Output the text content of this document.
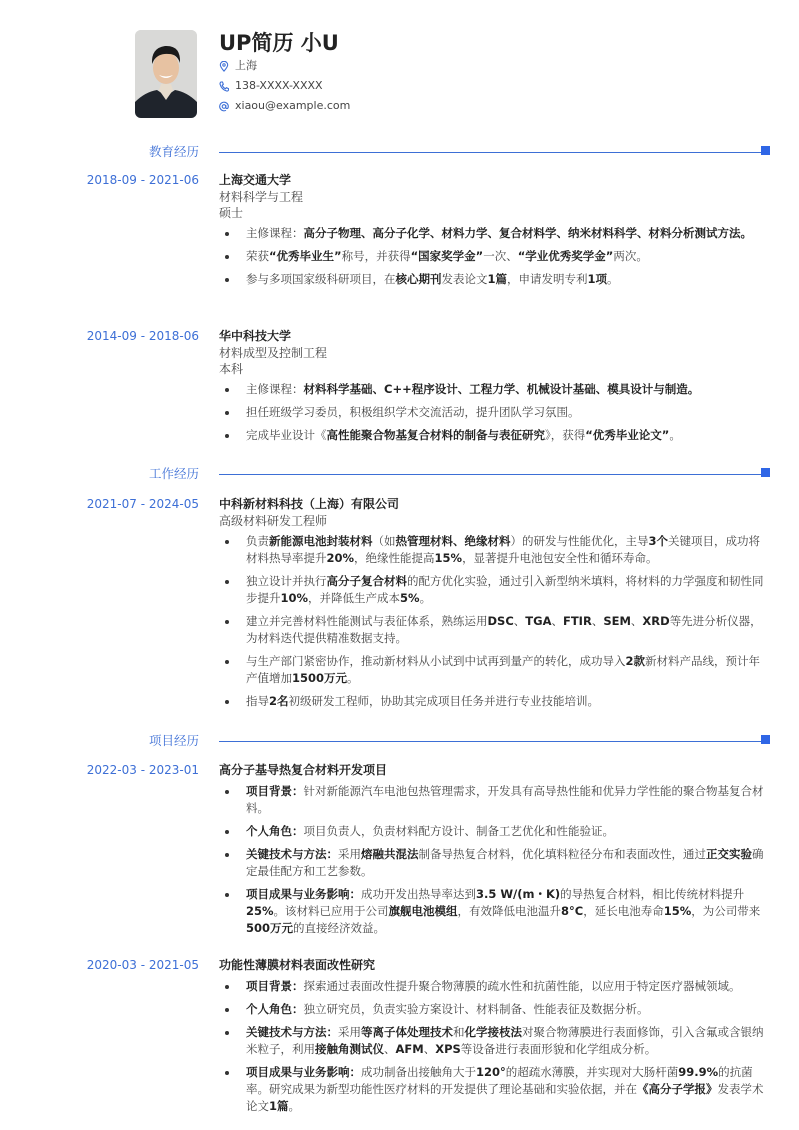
UP简历 小U
上海
138-XXXX-XXXX
xiaou@example.com
教育经历
2018-09 - 2021-06 上海交通大学
材料科学与工程
硕士
主修课程：高分子物理、高分子化学、材料力学、复合材料学、纳米材料科学、材料分析测试方法。
荣获“优秀毕业生”称号，并获得“国家奖学金”一次、“学业优秀奖学金”两次。
参与多项国家级科研项目，在核心期刊发表论文1篇，申请发明专利1项。
2014-09 - 2018-06 华中科技大学
材料成型及控制工程
本科
主修课程：材料科学基础、C++程序设计、工程力学、机械设计基础、模具设计与制造。
担任班级学习委员，积极组织学术交流活动，提升团队学习氛围。
完成毕业设计《高性能聚合物基复合材料的制备与表征研究》，获得“优秀毕业论文”。
工作经历
2021-07 - 2024-05 中科新材料科技（上海）有限公司
高级材料研发工程师
负责新能源电池封装材料（如热管理材料、绝缘材料）的研发与性能优化，主导3个关键项目，成功将材料热导率提升20%，绝缘性能提高15%，显著提升电池包安全性和循环寿命。
独立设计并执行高分子复合材料的配方优化实验，通过引入新型纳米填料，将材料的力学强度和韧性同步提升10%，并降低生产成本5%。
建立并完善材料性能测试与表征体系，熟练运用DSC、TGA、FTIR、SEM、XRD等先进分析仪器，为材料迭代提供精准数据支持。
与生产部门紧密协作，推动新材料从小试到中试再到量产的转化，成功导入2款新材料产品线，预计年产值增加1500万元。
指导2名初级研发工程师，协助其完成项目任务并进行专业技能培训。
项目经历
2022-03 - 2023-01 高分子基导热复合材料开发项目
项目背景：针对新能源汽车电池包热管理需求，开发具有高导热性能和优异力学性能的聚合物基复合材料。
个人角色：项目负责人，负责材料配方设计、制备工艺优化和性能验证。
关键技术与方法：采用熔融共混法制备导热复合材料，优化填料粒径分布和表面改性，通过正交实验确定最佳配方和工艺参数。
项目成果与业务影响：成功开发出热导率达到3.5 W/(m・K)的导热复合材料，相比传统材料提升25%。该材料已应用于公司旗舰电池模组，有效降低电池温升8°C，延长电池寿命15%，为公司带来500万元的直接经济效益。
2020-03 - 2021-05 功能性薄膜材料表面改性研究
项目背景：探索通过表面改性提升聚合物薄膜的疏水性和抗菌性能，以应用于特定医疗器械领域。
个人角色：独立研究员，负责实验方案设计、材料制备、性能表征及数据分析。
关键技术与方法：采用等离子体处理技术和化学接枝法对聚合物薄膜进行表面修饰，引入含氟或含银纳米粒子，利用接触角测试仪、AFM、XPS等设备进行表面形貌和化学组成分析。
项目成果与业务影响：成功制备出接触角大于120°的超疏水薄膜，并实现对大肠杆菌99.9%的抗菌率。研究成果为新型功能性医疗材料的开发提供了理论基础和实验依据，并在《高分子学报》发表学术论文1篇。
